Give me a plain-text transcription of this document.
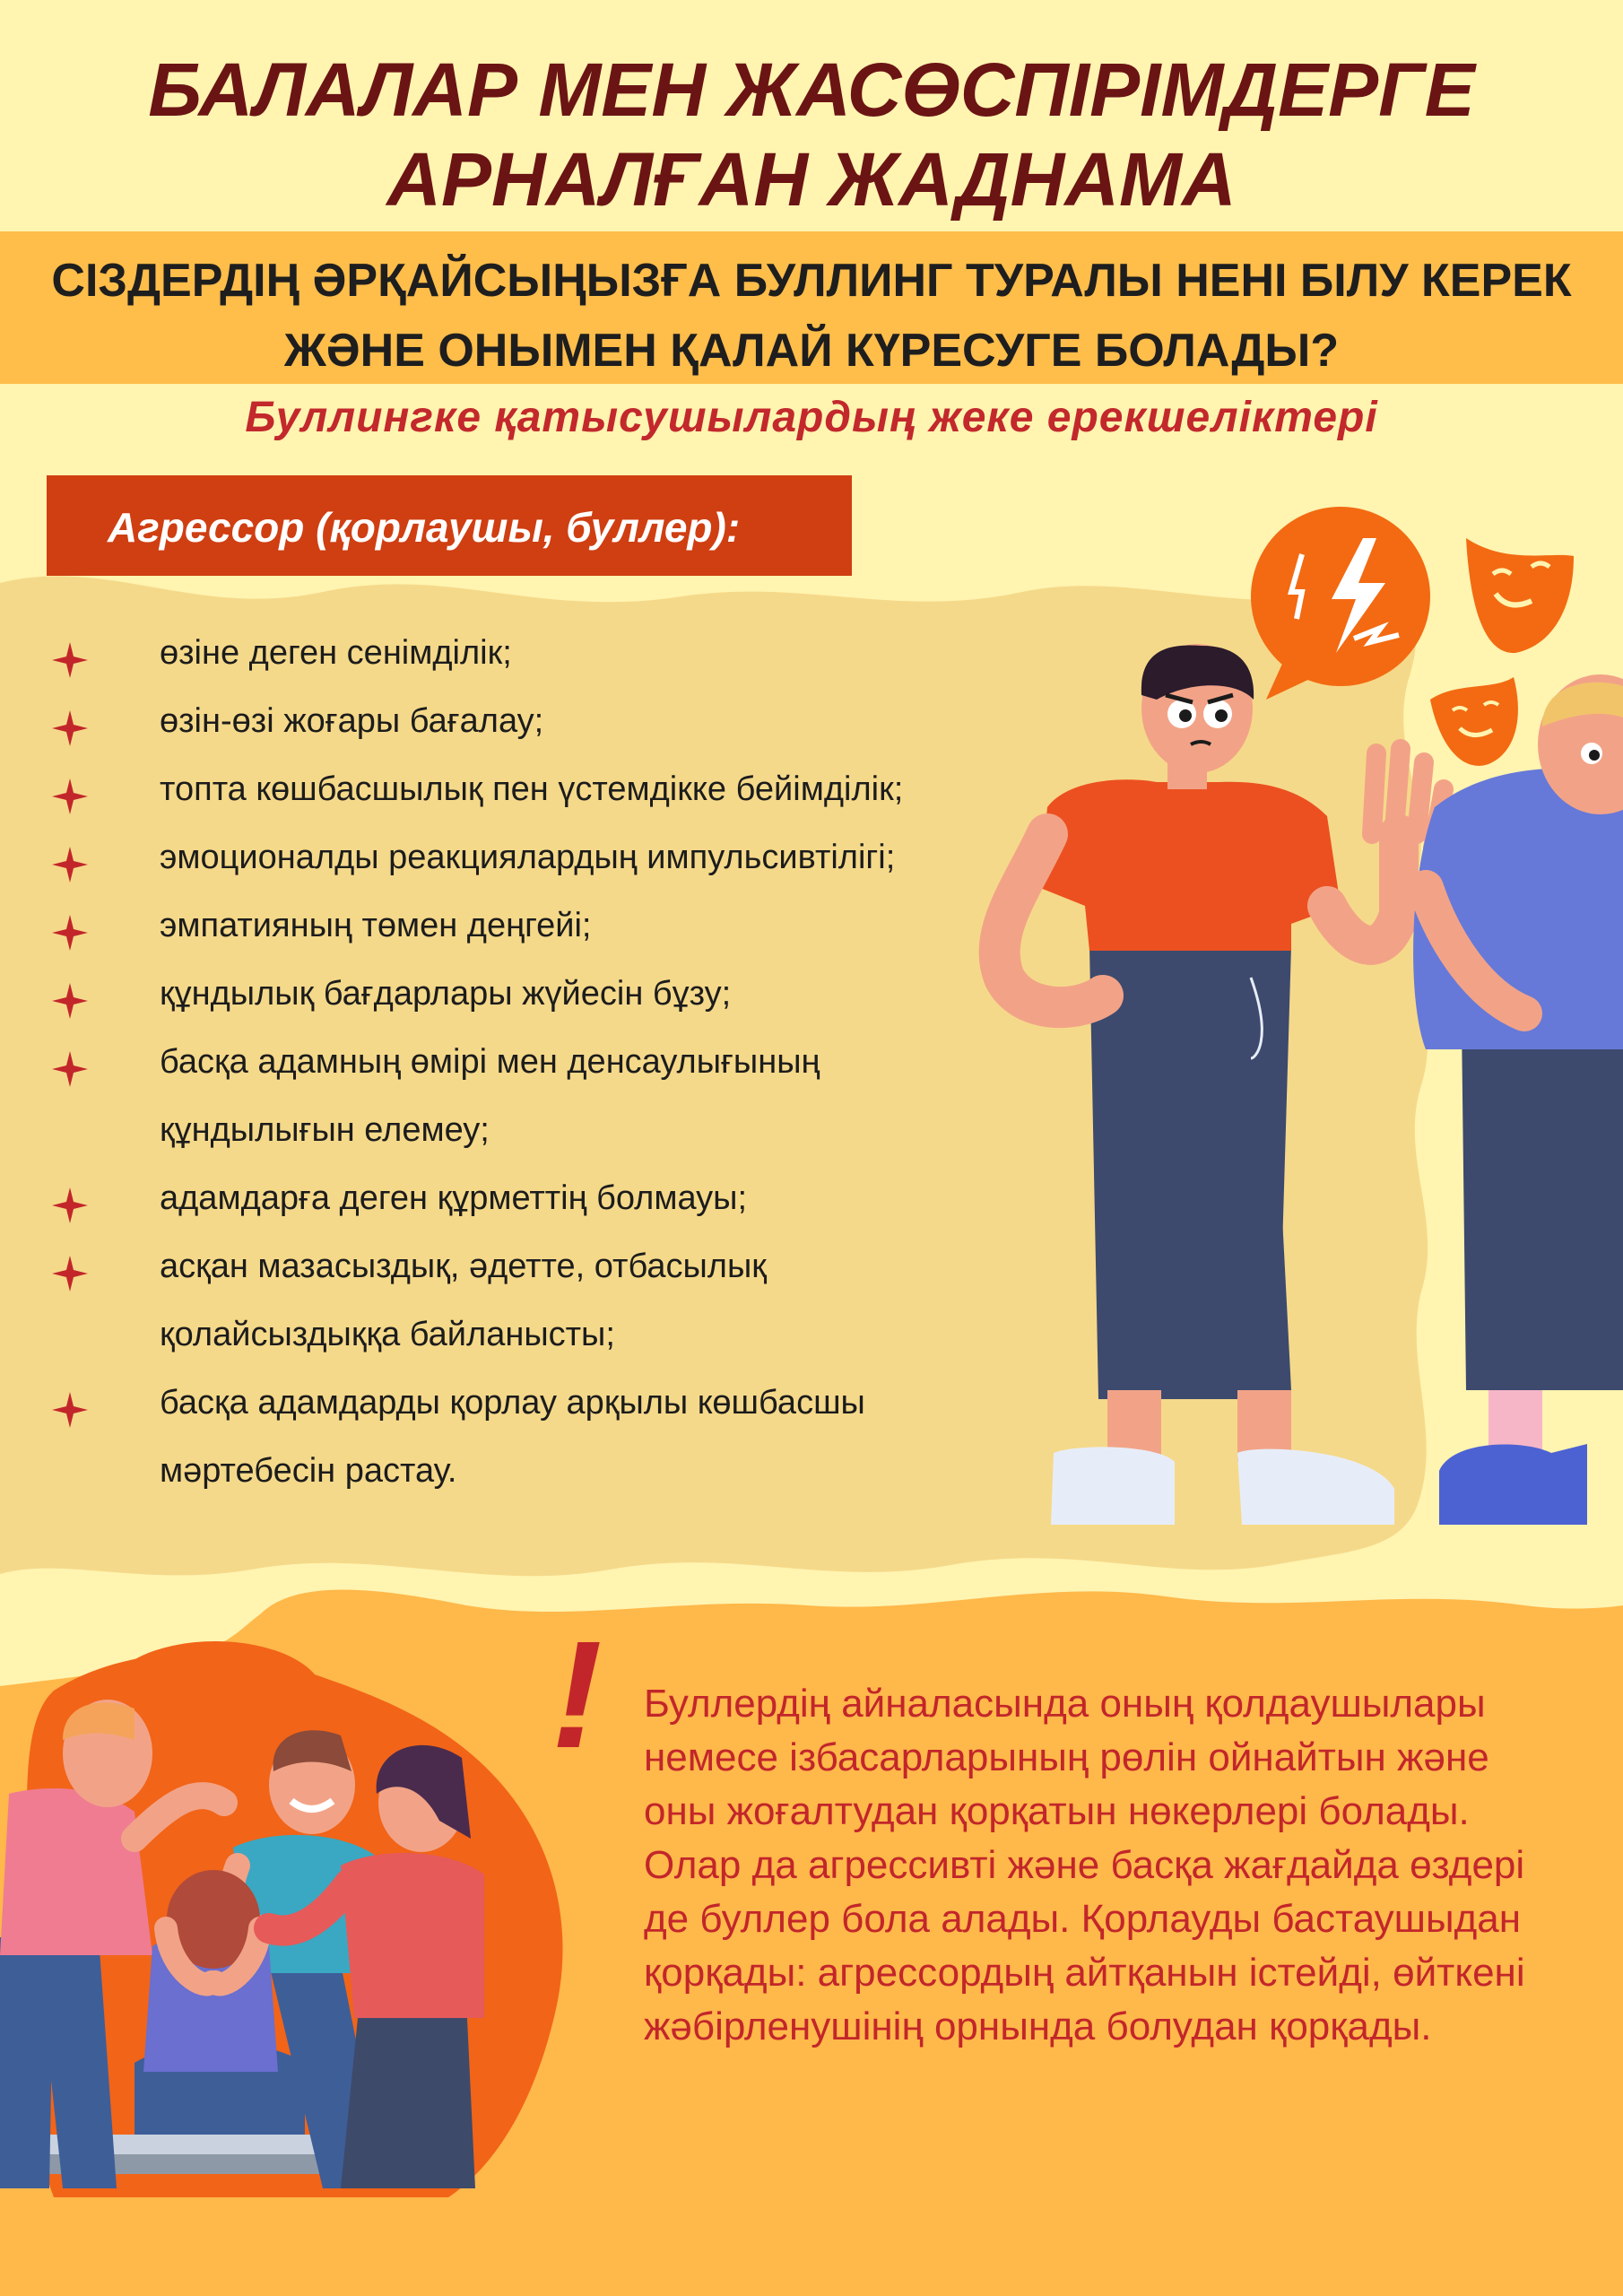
БАЛАЛАР МЕН ЖАСӨСПІРІМДЕРГЕ
АРНАЛҒАН ЖАДНАМА
СІЗДЕРДІҢ ӘРҚАЙСЫҢЫЗҒА БУЛЛИНГ ТУРАЛЫ НЕНІ БІЛУ КЕРЕК
ЖӘНЕ ОНЫМЕН ҚАЛАЙ КҮРЕСУГЕ БОЛАДЫ?
Буллингке қатысушылардың жеке ерекшеліктері
Агрессор (қорлаушы, буллер):
өзіне деген сенімділік;
өзін-өзі жоғары бағалау;
топта көшбасшылық пен үстемдікке бейімділік;
эмоционалды реакциялардың импульсивтілігі;
эмпатияның төмен деңгейі;
құндылық бағдарлары жүйесін бұзу;
басқа адамның өмірі мен денсаулығының
құндылығын елемеу;
адамдарға деген құрметтің болмауы;
асқан мазасыздық, әдетте, отбасылық
қолайсыздыққа байланысты;
басқа адамдарды қорлау арқылы көшбасшы
мәртебесін растау.
! Буллердің айналасында оның қолдаушылары немесе ізбасарларының рөлін ойнайтын және оны жоғалтудан қорқатын нөкерлері болады. Олар да агрессивті және басқа жағдайда өздері де буллер бола алады. Қорлауды бастаушыдан қорқады: агрессордың айтқанын істейді, өйткені жәбірленушінің орнында болудан қорқады.
